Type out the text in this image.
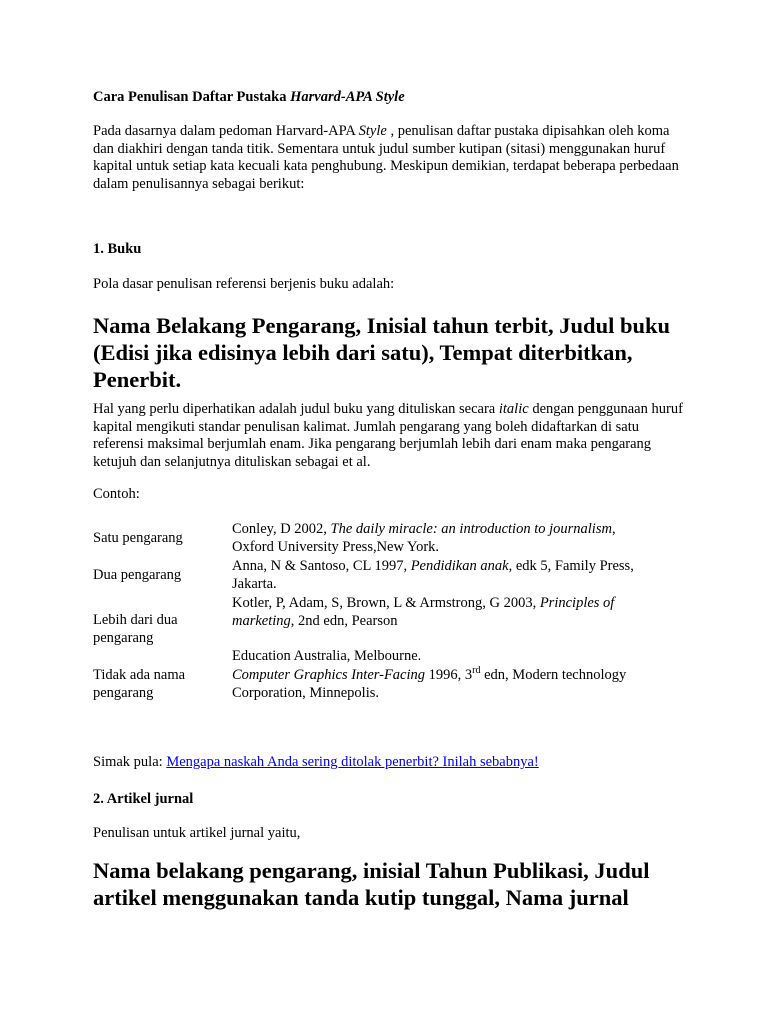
Cara Penulisan Daftar Pustaka Harvard-APA Style

Pada dasarnya dalam pedoman Harvard-APA Style , penulisan daftar pustaka dipisahkan oleh koma dan diakhiri dengan tanda titik. Sementara untuk judul sumber kutipan (sitasi) menggunakan huruf kapital untuk setiap kata kecuali kata penghubung. Meskipun demikian, terdapat beberapa perbedaan dalam penulisannya sebagai berikut:

1. Buku

Pola dasar penulisan referensi berjenis buku adalah:

Nama Belakang Pengarang, Inisial tahun terbit, Judul buku (Edisi jika edisinya lebih dari satu), Tempat diterbitkan, Penerbit.

Hal yang perlu diperhatikan adalah judul buku yang dituliskan secara italic dengan penggunaan huruf kapital mengikuti standar penulisan kalimat. Jumlah pengarang yang boleh didaftarkan di satu referensi maksimal berjumlah enam. Jika pengarang berjumlah lebih dari enam maka pengarang ketujuh dan selanjutnya dituliskan sebagai et al.

Contoh:

Satu pengarang
Conley, D 2002, The daily miracle: an introduction to journalism, Oxford University Press,New York.
Dua pengarang
Anna, N & Santoso, CL 1997, Pendidikan anak, edk 5, Family Press, Jakarta.
Lebih dari dua pengarang
Kotler, P, Adam, S, Brown, L & Armstrong, G 2003, Principles of marketing, 2nd edn, Pearson
Education Australia, Melbourne.
Tidak ada nama pengarang
Computer Graphics Inter-Facing 1996, 3rd edn, Modern technology Corporation, Minnepolis.

Simak pula: Mengapa naskah Anda sering ditolak penerbit? Inilah sebabnya!

2. Artikel jurnal

Penulisan untuk artikel jurnal yaitu,

Nama belakang pengarang, inisial Tahun Publikasi, Judul artikel menggunakan tanda kutip tunggal, Nama jurnal
